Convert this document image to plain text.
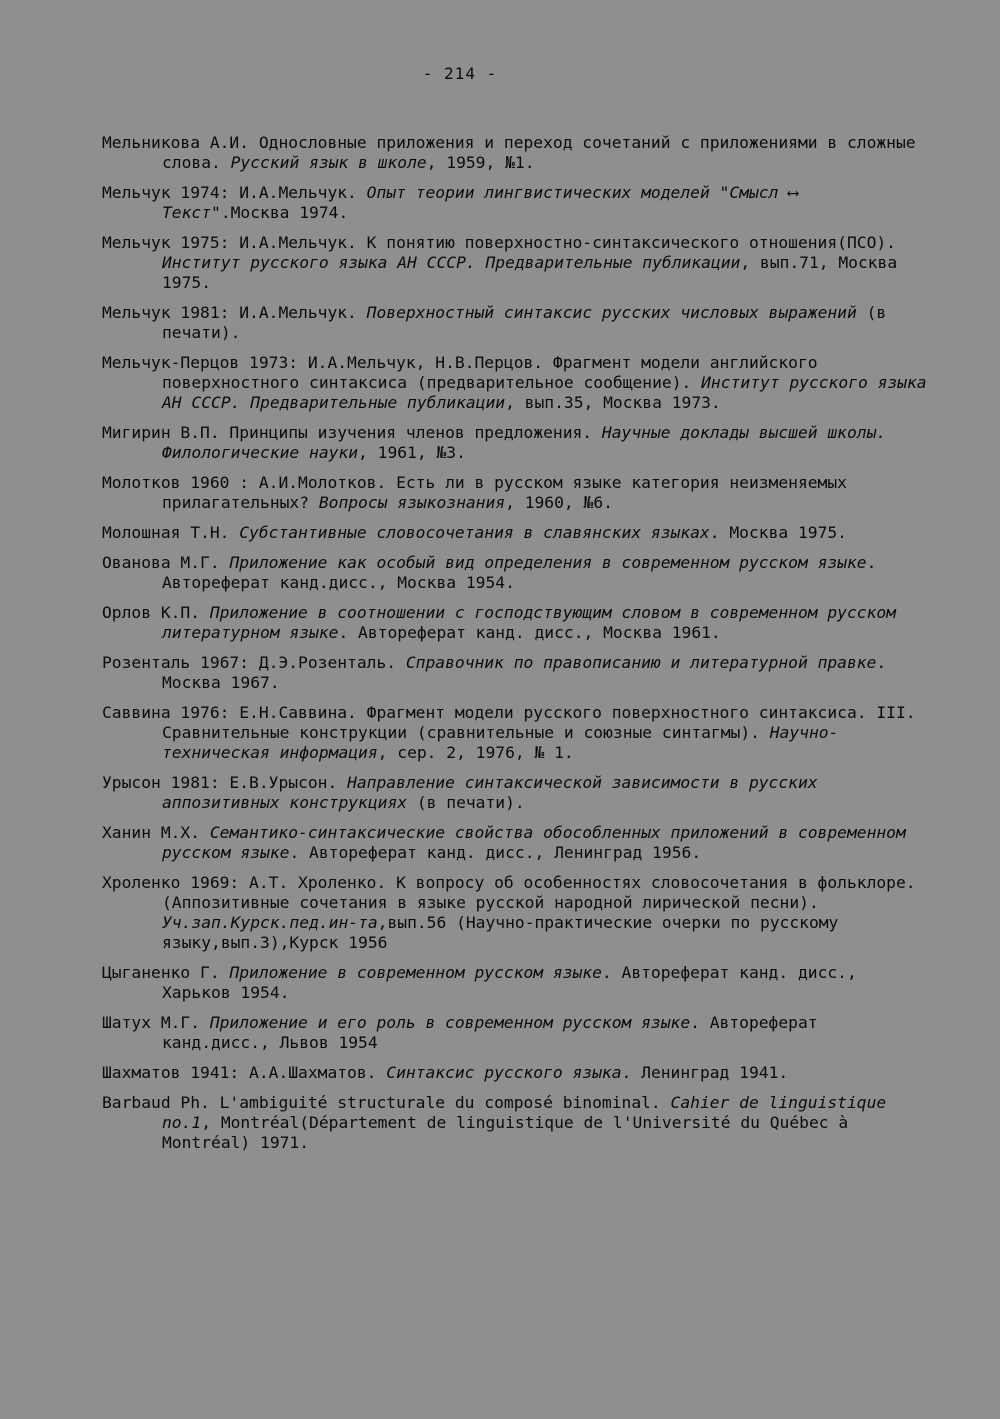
- 214 -
Мельникова А.И. Однословные приложения и переход сочетаний с приложениями в сложные слова. Русский язык в школе, 1959, №1.
Мельчук 1974: И.А.Мельчук. Опыт теории лингвистических моделей "Смысл ⟷ Текст".Москва 1974.
Мельчук 1975: И.А.Мельчук. К понятию поверхностно-синтаксического отношения(ПСО). Институт русского языка АН СССР. Предварительные публикации, вып.71, Москва 1975.
Мельчук 1981: И.А.Мельчук. Поверхностный синтаксис русских числовых выражений (в печати).
Мельчук-Перцов 1973: И.А.Мельчук, Н.В.Перцов. Фрагмент модели английского поверхностного синтаксиса (предварительное сообщение). Институт русского языка АН СССР. Предварительные публикации, вып.35, Москва 1973.
Мигирин В.П. Принципы изучения членов предложения. Научные доклады высшей школы. Филологические науки, 1961, №3.
Молотков 1960 : А.И.Молотков. Есть ли в русском языке категория неизменяемых прилагательных? Вопросы языкознания, 1960, №6.
Молошная Т.Н. Субстантивные словосочетания в славянских языках. Москва 1975.
Ованова М.Г. Приложение как особый вид определения в современном русском языке. Автореферат канд.дисс., Москва 1954.
Орлов К.П. Приложение в соотношении с господствующим словом в современном русском литературном языке. Автореферат канд. дисс., Москва 1961.
Розенталь 1967: Д.Э.Розенталь. Справочник по правописанию и литературной правке. Москва 1967.
Саввина 1976: Е.Н.Саввина. Фрагмент модели русского поверхностного синтаксиса. III. Сравнительные конструкции (сравнительные и союзные синтагмы). Научно-техническая информация, сер. 2, 1976, № 1.
Урысон 1981: Е.В.Урысон. Направление синтаксической зависимости в русских аппозитивных конструкциях (в печати).
Ханин М.Х. Семантико-синтаксические свойства обособленных приложений в современном русском языке. Автореферат канд. дисс., Ленинград 1956.
Хроленко 1969: А.Т. Хроленко. К вопросу об особенностях словосочетания в фольклоре. (Аппозитивные сочетания в языке русской народной лирической песни). Уч.зап.Курск.пед.ин-та,вып.56 (Научно-практические очерки по русскому языку,вып.3),Курск 1956
Цыганенко Г. Приложение в современном русском языке. Автореферат канд. дисс., Харьков 1954.
Шатух М.Г. Приложение и его роль в современном русском языке. Автореферат канд.дисс., Львов 1954
Шахматов 1941: А.А.Шахматов. Синтаксис русского языка. Ленинград 1941.
Barbaud Ph. L'ambiguité structurale du composé binominal. Cahier de linguistique no.1, Montréal(Département de linguistique de l'Université du Québec à Montréal) 1971.
